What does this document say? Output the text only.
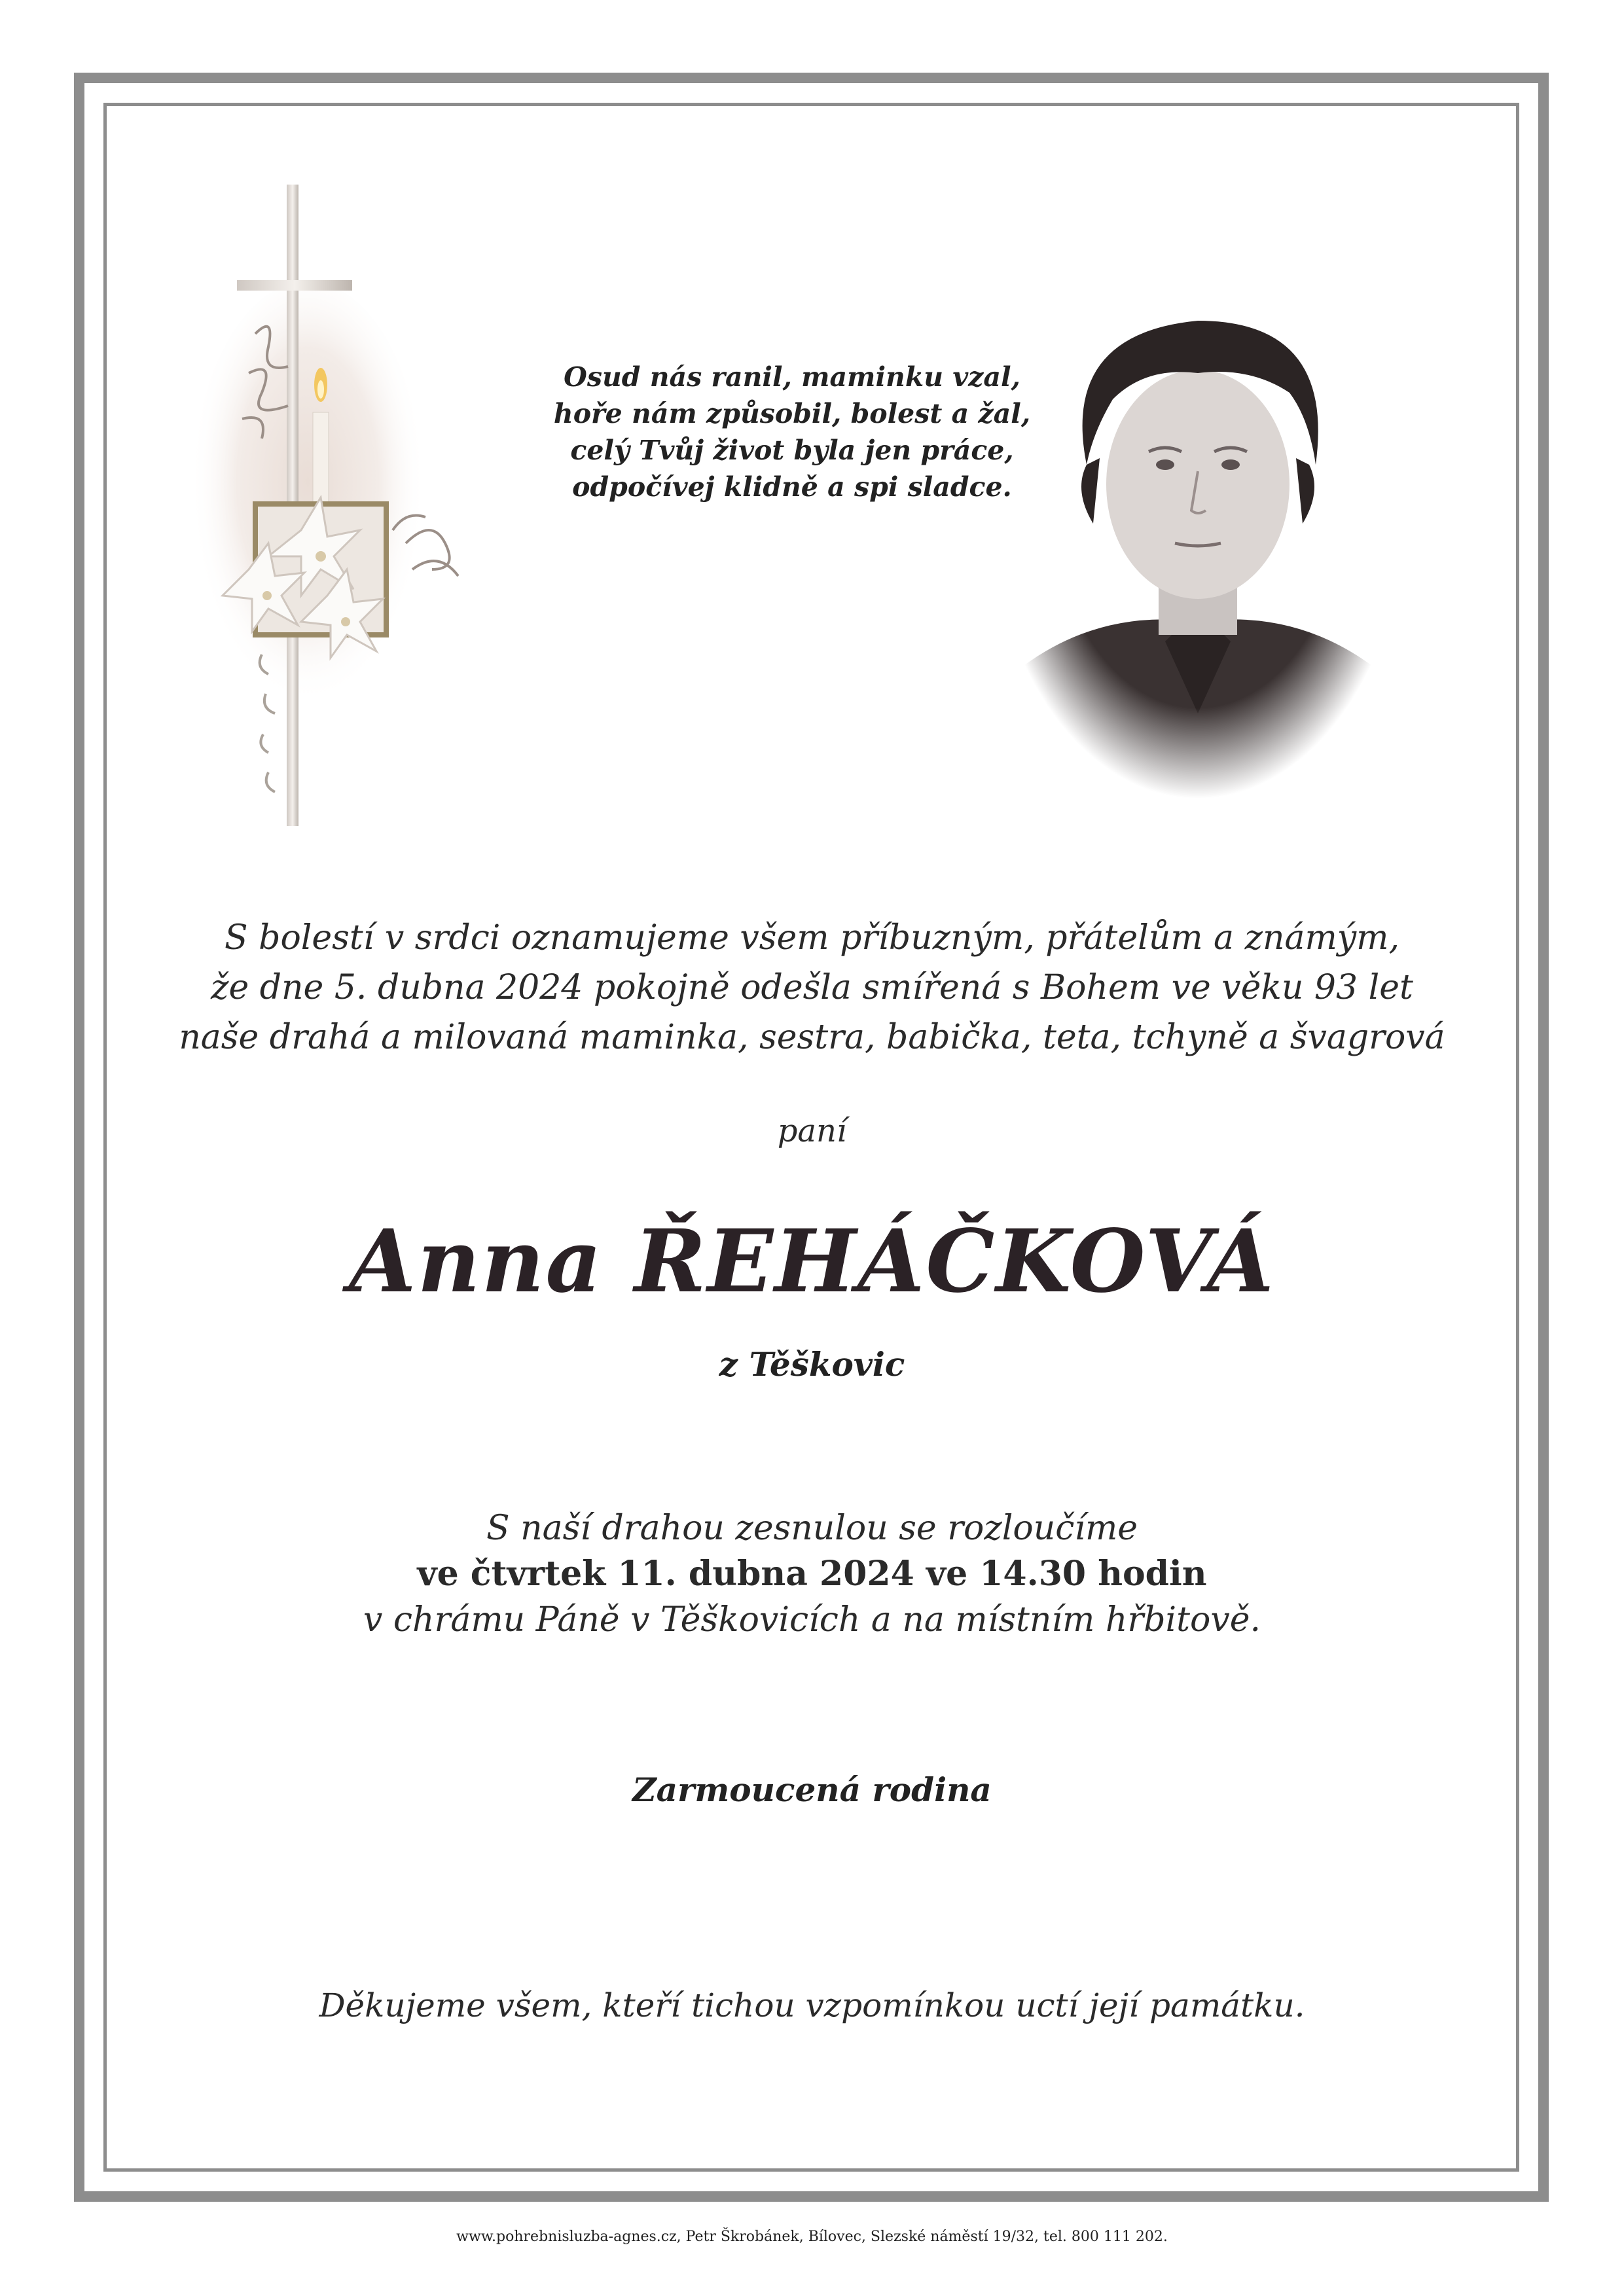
Osud nás ranil, maminku vzal,
hoře nám způsobil, bolest a žal,
celý Tvůj život byla jen práce,
odpočívej klidně a spi sladce.
S bolestí v srdci oznamujeme všem příbuzným, přátelům a známým,
že dne 5. dubna 2024 pokojně odešla smířená s Bohem ve věku 93 let
naše drahá a milovaná maminka, sestra, babička, teta, tchyně a švagrová
paní
Anna ŘEHÁČKOVÁ
z Těškovic
S naší drahou zesnulou se rozloučíme
ve čtvrtek 11. dubna 2024 ve 14.30 hodin
v chrámu Páně v Těškovicích a na místním hřbitově.
Zarmoucená rodina
Děkujeme všem, kteří tichou vzpomínkou uctí její památku.
www.pohrebnisluzba-agnes.cz, Petr Škrobánek, Bílovec, Slezské náměstí 19/32, tel. 800 111 202.
